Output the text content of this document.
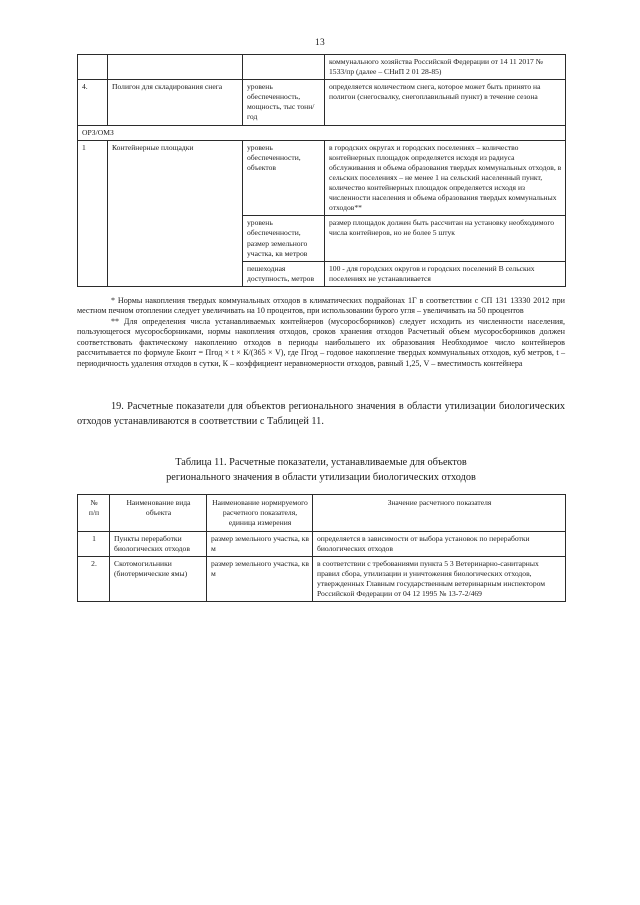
13
			коммунального хозяйства Российской Федерации от 14 11 2017 № 1533/пр (далее – СНиП 2 01 28-85)
4.	Полигон для складирования снега	уровень обеспеченность, мощность, тыс тонн/год	определяется количеством снега, которое может быть принято на полигон (снегосвалку, снегоплавильный пункт) в течение сезона
ОРЗ/ОМЗ			
1	Контейнерные площадки	уровень обеспеченности, объектов	в городских округах и городских поселениях – количество контейнерных площадок определяется исходя из радиуса обслуживания и объема образования твердых коммунальных отходов, в сельских поселениях – не менее 1 на сельский населенный пункт, количество контейнерных площадок определяется исходя из численности населения и объема образования твердых коммунальных отходов**
		уровень обеспеченности, размер земельного участка, кв метров	размер площадок должен быть рассчитан на установку необходимого числа контейнеров, но не более 5 штук
		пешеходная доступность, метров	100 - для городских округов и городских поселений В сельских поселениях не устанавливается

* Нормы накопления твердых коммунальных отходов в климатических подрайонах 1Г в соответствии с СП 131 13330 2012 при местном печном отоплении следует увеличивать на 10 процентов, при использовании бурого угля – увеличивать на 50 процентов

** Для определения числа устанавливаемых контейнеров (мусоросборников) следует исходить из численности населения, пользующегося мусоросборниками, нормы накопления отходов, сроков хранения отходов Расчетный объем мусоросборников должен соответствовать фактическому накоплению отходов в периоды наибольшего их образования Необходимое число контейнеров рассчитывается по формуле Бконт = Пгод × t × К/(365 × V), где Пгод – годовое накопление твердых коммунальных отходов, куб метров, t – периодичность удаления отходов в сутки, К – коэффициент неравномерности отходов, равный 1,25, V – вместимость контейнера

19. Расчетные показатели для объектов регионального значения в области утилизации биологических отходов устанавливаются в соответствии с Таблицей 11.

Таблица 11. Расчетные показатели, устанавливаемые для объектов

регионального значения в области утилизации биологических отходов

№
п/п	Наименование вида объекта	Наименование нормируемого расчетного показателя, единица измерения	Значение расчетного показателя
1	Пункты переработки биологических отходов	размер земельного участка, кв м	определяется в зависимости от выбора установок по переработки биологических отходов
2.	Скотомогильники (биотермические ямы)	размер земельного участка, кв м	в соответствии с требованиями пункта 5 3 Ветеринарно-санитарных правил сбора, утилизации и уничтожения биологических отходов, утвержденных Главным государственным ветеринарным инспектором Российской Федерации от 04 12 1995 № 13-7-2/469
